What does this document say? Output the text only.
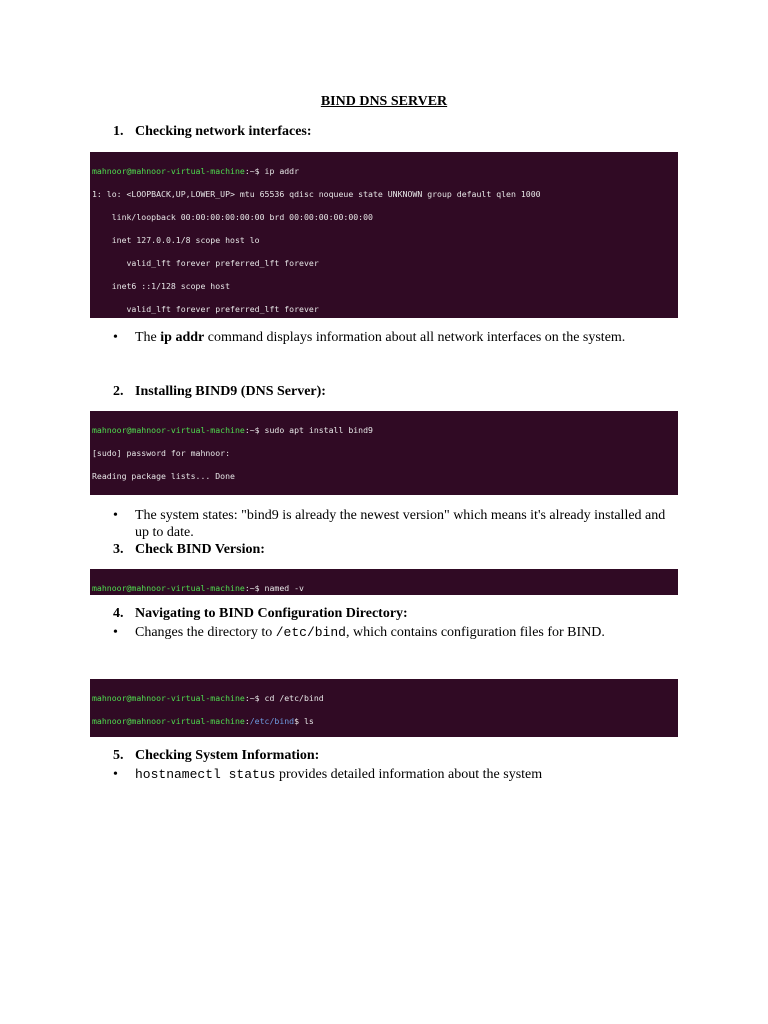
BIND DNS SERVER
1. Checking network interfaces:

mahnoor@mahnoor-virtual-machine:~$ ip addr

1: lo: <LOOPBACK,UP,LOWER_UP> mtu 65536 qdisc noqueue state UNKNOWN group default qlen 1000

link/loopback 00:00:00:00:00:00 brd 00:00:00:00:00:00

inet 127.0.0.1/8 scope host lo

valid_lft forever preferred_lft forever

inet6 ::1/128 scope host

valid_lft forever preferred_lft forever

•	The ip addr command displays information about all network interfaces on the system.
2. Installing BIND9 (DNS Server):

mahnoor@mahnoor-virtual-machine:~$ sudo apt install bind9

[sudo] password for mahnoor:

Reading package lists... Done

•	The system states: "bind9 is already the newest version" which means it's already installed and up to date.
3. Check BIND Version:

mahnoor@mahnoor-virtual-machine:~$ named -v

4. Navigating to BIND Configuration Directory:
•	Changes the directory to /etc/bind, which contains configuration files for BIND.

mahnoor@mahnoor-virtual-machine:~$ cd /etc/bind

mahnoor@mahnoor-virtual-machine:/etc/bind$ ls

5. Checking System Information:
•	hostnamectl status provides detailed information about the system
